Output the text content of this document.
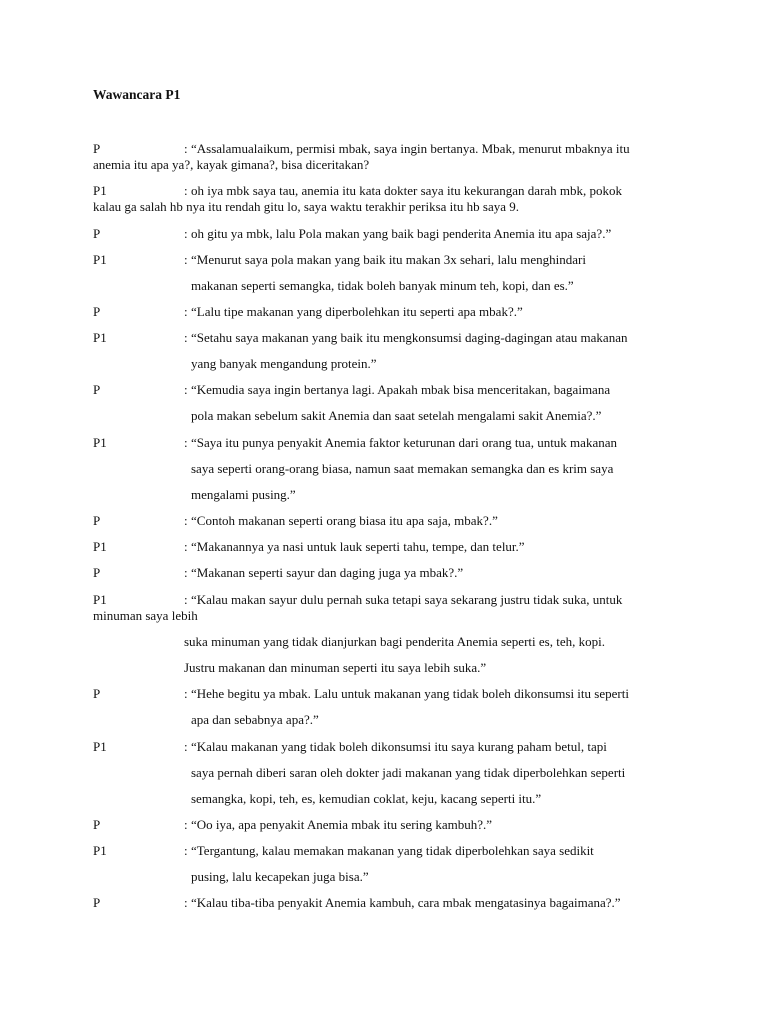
Wawancara P1
P	: “Assalamualaikum, permisi mbak, saya ingin bertanya. Mbak, menurut mbaknya itu
anemia itu apa ya?, kayak gimana?, bisa diceritakan?
P1	: oh iya mbk saya tau, anemia itu kata dokter saya itu kekurangan darah mbk, pokok
kalau ga salah hb nya itu rendah gitu lo, saya waktu terakhir periksa itu hb saya 9.
P	: oh gitu ya mbk, lalu Pola makan yang baik bagi penderita Anemia itu apa saja?.”
P1	: “Menurut saya pola makan yang baik itu makan 3x sehari, lalu menghindari
makanan seperti semangka, tidak boleh banyak minum teh, kopi, dan es.”
P	: “Lalu tipe makanan yang diperbolehkan itu seperti apa mbak?.”
P1	: “Setahu saya makanan yang baik itu mengkonsumsi daging-dagingan atau makanan
yang banyak mengandung protein.”
P	: “Kemudia saya ingin bertanya lagi. Apakah mbak bisa menceritakan, bagaimana
pola makan sebelum sakit Anemia dan saat setelah mengalami sakit Anemia?.”
P1	: “Saya itu punya penyakit Anemia faktor keturunan dari orang tua, untuk makanan
saya seperti orang-orang biasa, namun saat memakan semangka dan es krim saya
mengalami pusing.”
P	: “Contoh makanan seperti orang biasa itu apa saja, mbak?.”
P1	: “Makanannya ya nasi untuk lauk seperti tahu, tempe, dan telur.”
P	: “Makanan seperti sayur dan daging juga ya mbak?.”
P1	: “Kalau makan sayur dulu pernah suka tetapi saya sekarang justru tidak suka, untuk
minuman saya lebih
suka minuman yang tidak dianjurkan bagi penderita Anemia seperti es, teh, kopi.
Justru makanan dan minuman seperti itu saya lebih suka.”
P	: “Hehe begitu ya mbak. Lalu untuk makanan yang tidak boleh dikonsumsi itu seperti
apa dan sebabnya apa?.”
P1	: “Kalau makanan yang tidak boleh dikonsumsi itu saya kurang paham betul, tapi
saya pernah diberi saran oleh dokter jadi makanan yang tidak diperbolehkan seperti
semangka, kopi, teh, es, kemudian coklat, keju, kacang seperti itu.”
P	: “Oo iya, apa penyakit Anemia mbak itu sering kambuh?.”
P1	: “Tergantung, kalau memakan makanan yang tidak diperbolehkan saya sedikit
pusing, lalu kecapekan juga bisa.”
P	: “Kalau tiba-tiba penyakit Anemia kambuh, cara mbak mengatasinya bagaimana?.”
